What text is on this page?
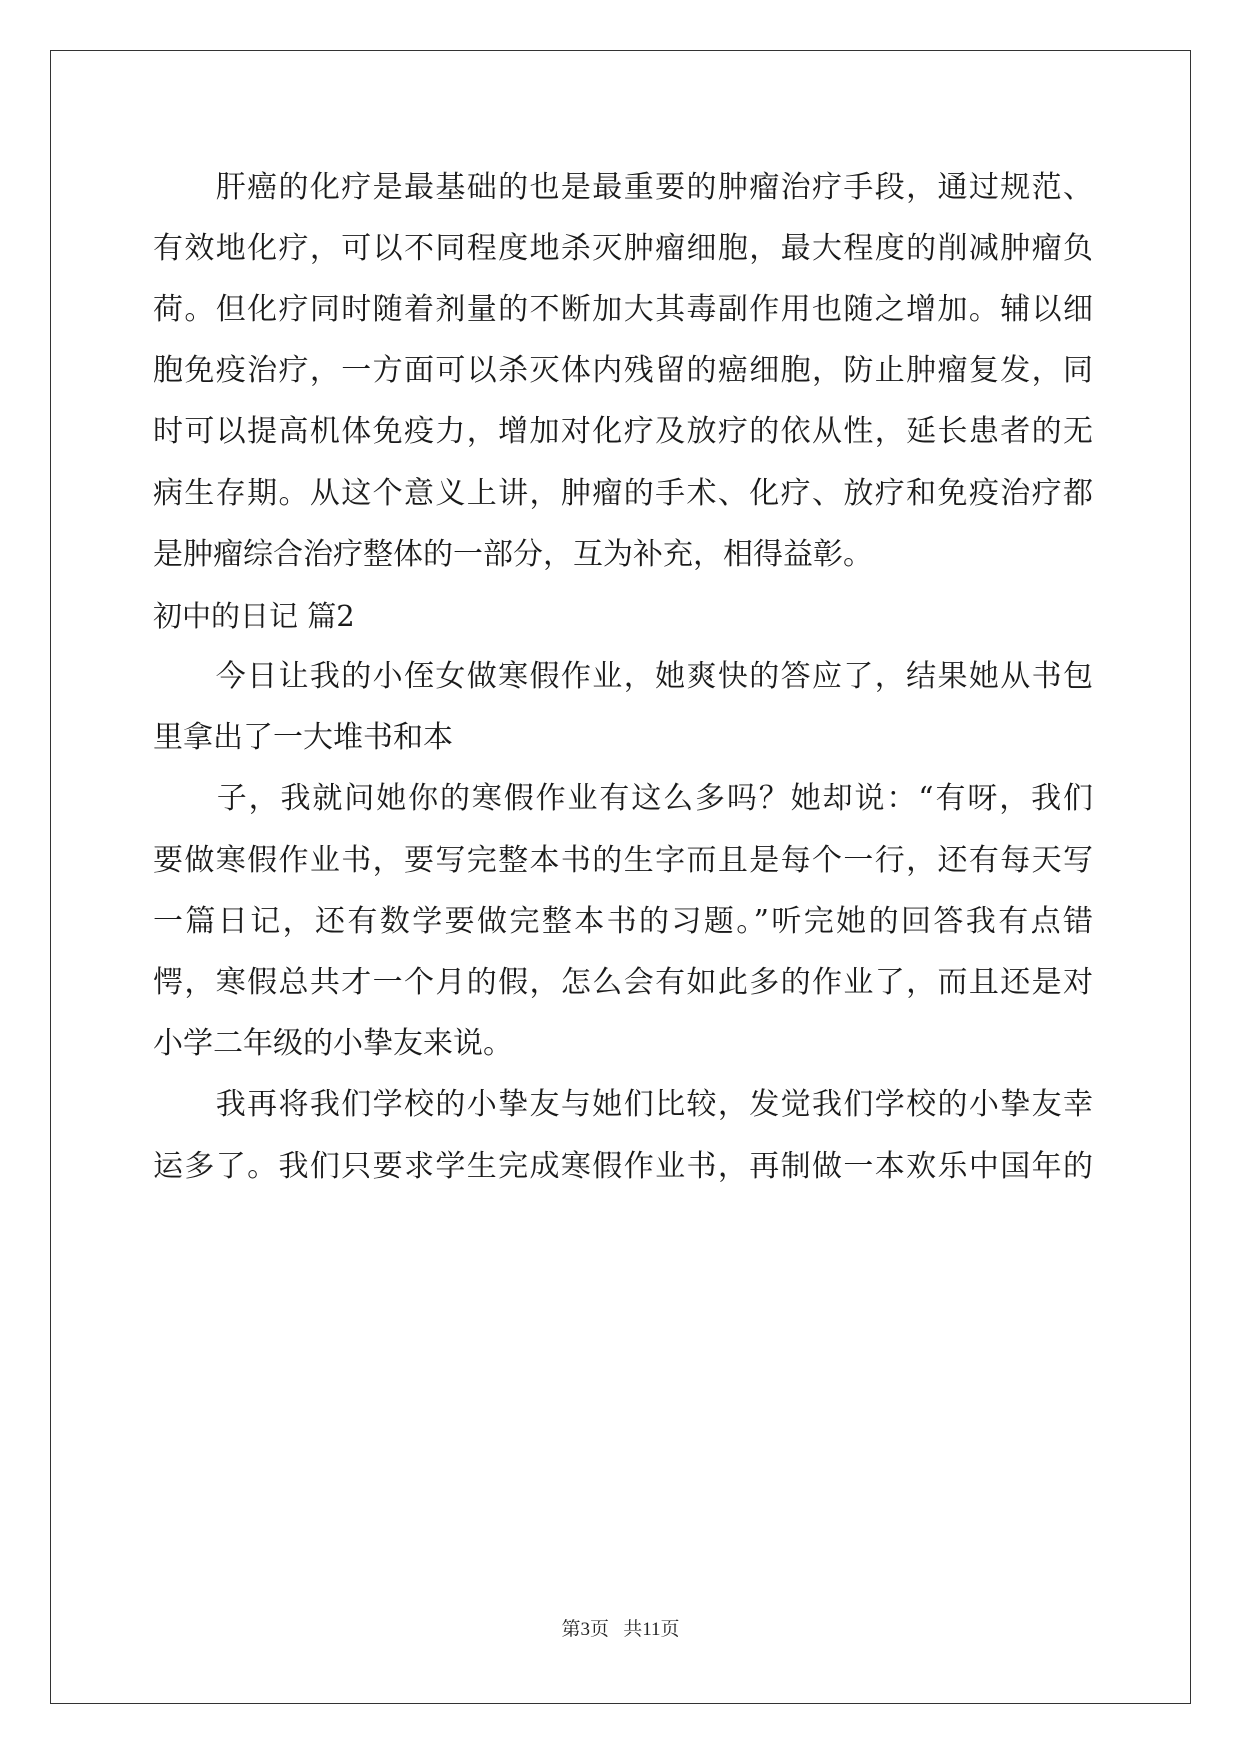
　　肝癌的化疗是最基础的也是最重要的肿瘤治疗手段，通过规范、
有效地化疗，可以不同程度地杀灭肿瘤细胞，最大程度的削减肿瘤负
荷。但化疗同时随着剂量的不断加大其毒副作用也随之增加。辅以细
胞免疫治疗，一方面可以杀灭体内残留的癌细胞，防止肿瘤复发，同
时可以提高机体免疫力，增加对化疗及放疗的依从性，延长患者的无
病生存期。从这个意义上讲，肿瘤的手术、化疗、放疗和免疫治疗都
是肿瘤综合治疗整体的一部分，互为补充，相得益彰。
初中的日记 篇2
　　今日让我的小侄女做寒假作业，她爽快的答应了，结果她从书包
里拿出了一大堆书和本
　　子，我就问她你的寒假作业有这么多吗？她却说：“有呀，我们
要做寒假作业书，要写完整本书的生字而且是每个一行，还有每天写
一篇日记，还有数学要做完整本书的习题。”听完她的回答我有点错
愕，寒假总共才一个月的假，怎么会有如此多的作业了，而且还是对
小学二年级的小挚友来说。
　　我再将我们学校的小挚友与她们比较，发觉我们学校的小挚友幸
运多了。我们只要求学生完成寒假作业书，再制做一本欢乐中国年的
第3页   共11页
